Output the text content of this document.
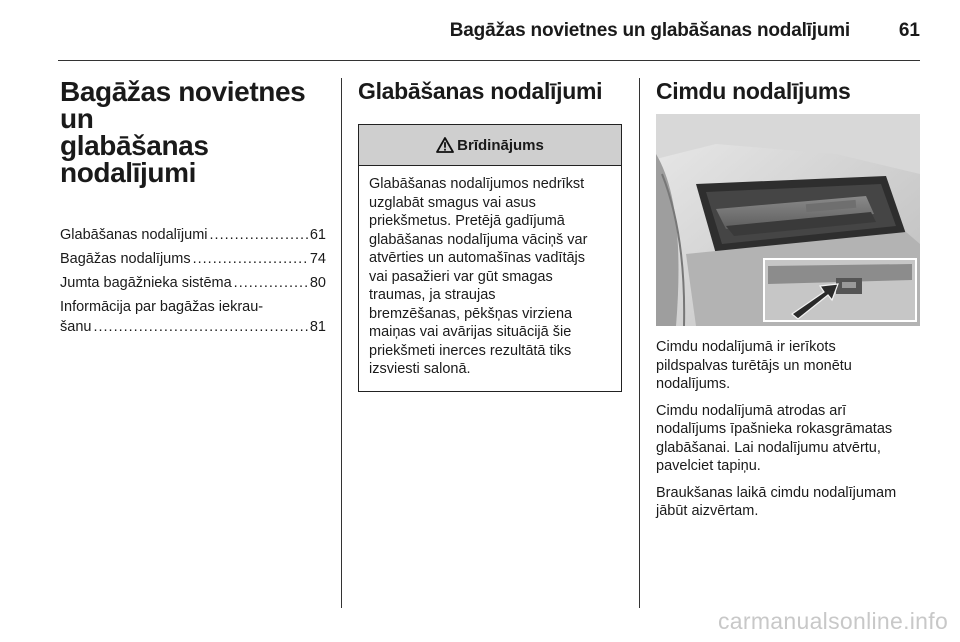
Bagāžas novietnes un glabāšanas nodalījumi	61
Bagāžas novietnes un
glabāšanas
nodalījumi
Glabāšanas nodalījumi .....	61
Bagāžas nodalījums .....	74
Jumta bagāžnieka sistēma .....	80
Informācija par bagāžas iekrau-
šanu .....	81
Glabāšanas nodalījumi
Brīdinājums
Glabāšanas nodalījumos nedrīkst
uzglabāt smagus vai asus
priekšmetus. Pretējā gadījumā
glabāšanas nodalījuma vāciņš var
atvērties un automašīnas vadītājs
vai pasažieri var gūt smagas
traumas, ja straujas
bremzēšanas, pēkšņas virziena
maiņas vai avārijas situācijā šie
priekšmeti inerces rezultātā tiks
izsviesti salonā.
Cimdu nodalījums

Cimdu nodalījumā ir ierīkots
pildspalvas turētājs un monētu
nodalījums.

Cimdu nodalījumā atrodas arī
nodalījums īpašnieka rokasgrāmatas
glabāšanai. Lai nodalījumu atvērtu,
pavelciet tapiņu.

Braukšanas laikā cimdu nodalījumam
jābūt aizvērtam.

carmanualsonline.info
